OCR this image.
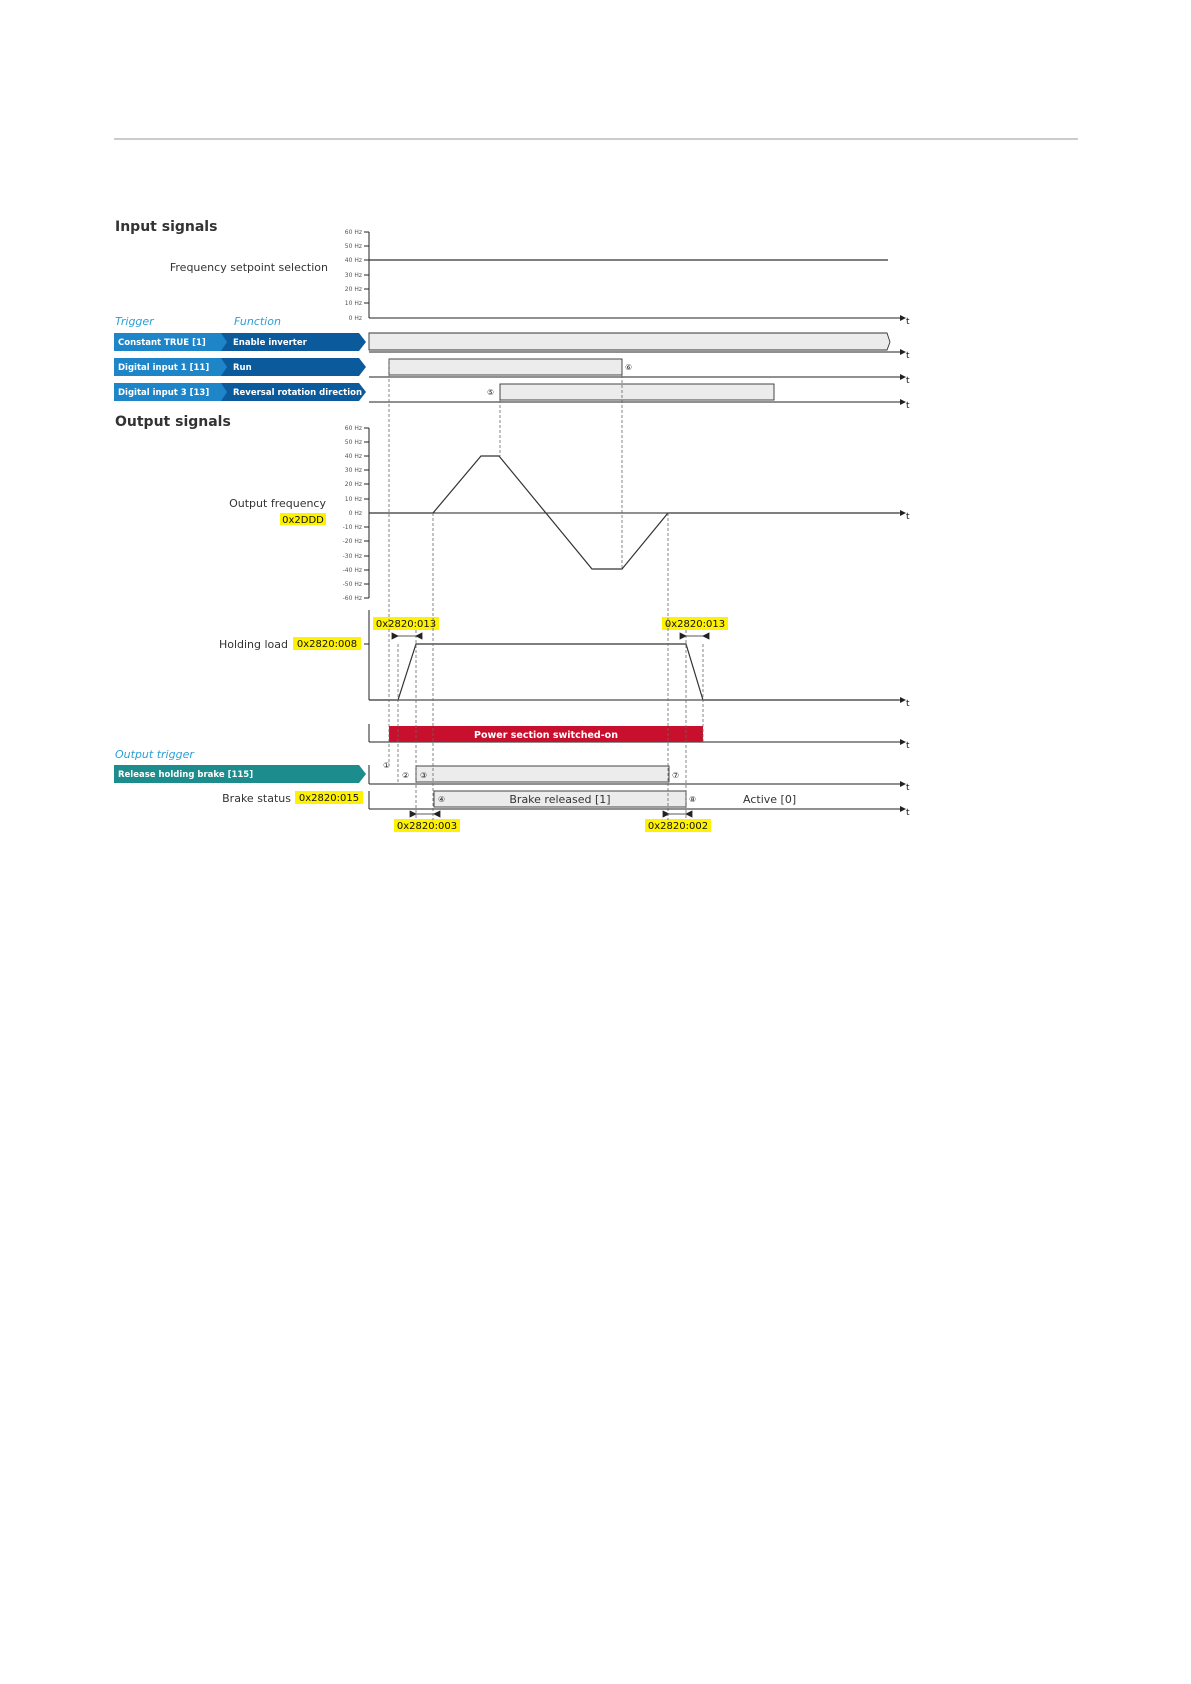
Input signals	60 Hz
50 Hz
40 Hz
30 Hz
20 Hz
10 Hz
0 Hz	t
Frequency setpoint selection
Trigger	Function
Constant TRUE [1]	Enable inverter
t
Digital input 1 [11]	Run
t
⑥
Digital input 3 [13]	Reversal rotation direction
t
⑤
Output signals
t
60 Hz
50 Hz
40 Hz
30 Hz
20 Hz
10 Hz
0 Hz
-10 Hz
-20 Hz
-30 Hz
-40 Hz
-50 Hz
-60 Hz
Output frequency
0x2DDD
t
Holding load 0x2820:008
0x2820:013	0x2820:013
t
Power section switched-on
Output trigger
Release holding brake [115]
t
①
② ③	⑦
Brake status 0x2820:015
t
Brake released [1]	Active [0]
④	⑧
0x2820:003	0x2820:002
